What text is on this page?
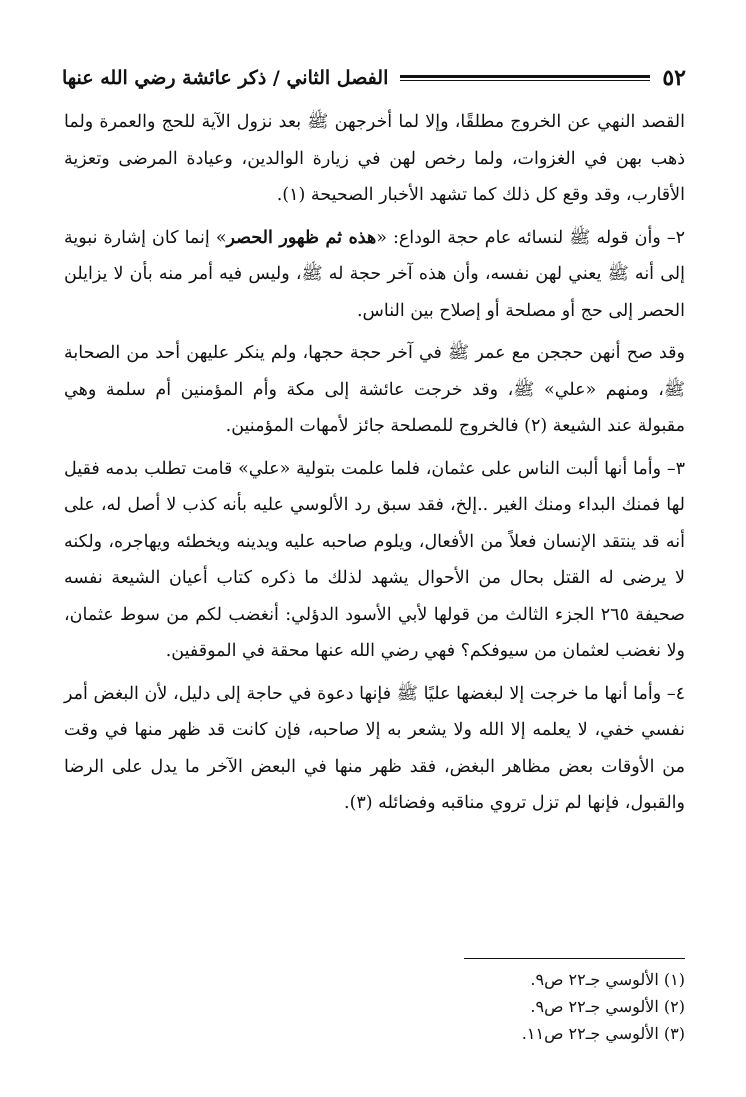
٥٢
الفصل الثاني / ذكر عائشة رضي الله عنها

القصد النهي عن الخروج مطلقًا، وإلا لما أخرجهن ﷺ بعد نزول الآية للحج والعمرة ولما ذهب بهن في الغزوات، ولما رخص لهن في زيارة الوالدين، وعيادة المرضى وتعزية الأقارب، وقد وقع كل ذلك كما تشهد الأخبار الصحيحة (١).

٢– وأن قوله ﷺ لنسائه عام حجة الوداع: «هذه ثم ظهور الحصر» إنما كان إشارة نبوية إلى أنه ﷺ يعني لهن نفسه، وأن هذه آخر حجة له ﷺ، وليس فيه أمر منه بأن لا يزايلن الحصر إلى حج أو مصلحة أو إصلاح بين الناس.

وقد صح أنهن حججن مع عمر ﷺ في آخر حجة حجها، ولم ينكر عليهن أحد من الصحابة ﷺ، ومنهم «علي» ﷺ، وقد خرجت عائشة إلى مكة وأم المؤمنين أم سلمة وهي مقبولة عند الشيعة (٢) فالخروج للمصلحة جائز لأمهات المؤمنين.

٣– وأما أنها ألبت الناس على عثمان، فلما علمت بتولية «علي» قامت تطلب بدمه فقيل لها فمنك البداء ومنك الغير ..إلخ، فقد سبق رد الألوسي عليه بأنه كذب لا أصل له، على أنه قد ينتقد الإنسان فعلاً من الأفعال، ويلوم صاحبه عليه ويدينه ويخطئه ويهاجره، ولكنه لا يرضى له القتل بحال من الأحوال يشهد لذلك ما ذكره كتاب أعيان الشيعة نفسه صحيفة ٢٦٥ الجزء الثالث من قولها لأبي الأسود الدؤلي: أنغضب لكم من سوط عثمان، ولا نغضب لعثمان من سيوفكم؟ فهي رضي الله عنها محقة في الموقفين.

٤– وأما أنها ما خرجت إلا لبغضها عليًا ﷺ فإنها دعوة في حاجة إلى دليل، لأن البغض أمر نفسي خفي، لا يعلمه إلا الله ولا يشعر به إلا صاحبه، فإن كانت قد ظهر منها في وقت من الأوقات بعض مظاهر البغض، فقد ظهر منها في البعض الآخر ما يدل على الرضا والقبول، فإنها لم تزل تروي مناقبه وفضائله (٣).

(١) الألوسي جـ٢٢ ص٩.
(٢) الألوسي جـ٢٢ ص٩.
(٣) الألوسي جـ٢٢ ص١١.
